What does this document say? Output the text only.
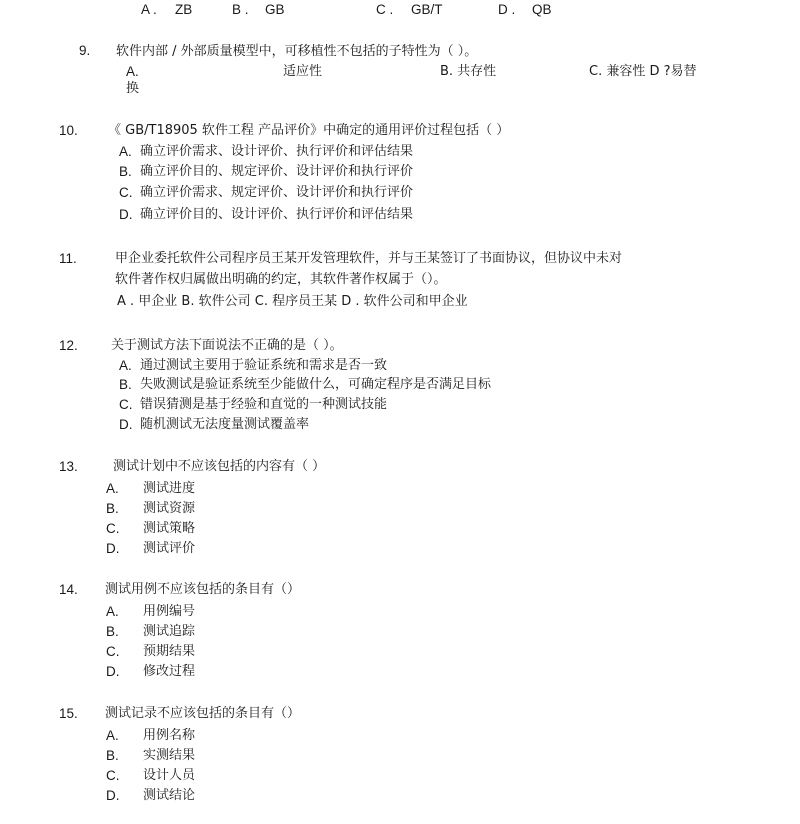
A . ZB	B . GB	C . GB/T	D . QB
9. 软件内部 / 外部质量模型中，可移植性不包括的子特性为（ ）。
A.	适应性	B. 共存性	C. 兼容性 D ?易替
换
10. 《 GB/T18905 软件工程 产品评价》中确定的通用评价过程包括（ ）
A. 确立评价需求、设计评价、执行评价和评估结果
B. 确立评价目的、规定评价、设计评价和执行评价
C. 确立评价需求、规定评价、设计评价和执行评价
D. 确立评价目的、设计评价、执行评价和评估结果
11.	甲企业委托软件公司程序员王某开发管理软件，并与王某签订了书面协议，但协议中未对
软件著作权归属做出明确的约定，其软件著作权属于（）。
A . 甲企业 B. 软件公司 C. 程序员王某 D . 软件公司和甲企业
12.	关于测试方法下面说法不正确的是（ ）。
A. 通过测试主要用于验证系统和需求是否一致
B. 失败测试是验证系统至少能做什么，可确定程序是否满足目标
C. 错误猜测是基于经验和直觉的一种测试技能
D. 随机测试无法度量测试覆盖率
13.	测试计划中不应该包括的内容有（ ）
A. 测试进度
B. 测试资源
C. 测试策略
D. 测试评价
14. 测试用例不应该包括的条目有（）
A. 用例编号
B. 测试追踪
C. 预期结果
D. 修改过程
15. 测试记录不应该包括的条目有（）
A. 用例名称
B. 实测结果
C. 设计人员
D. 测试结论
